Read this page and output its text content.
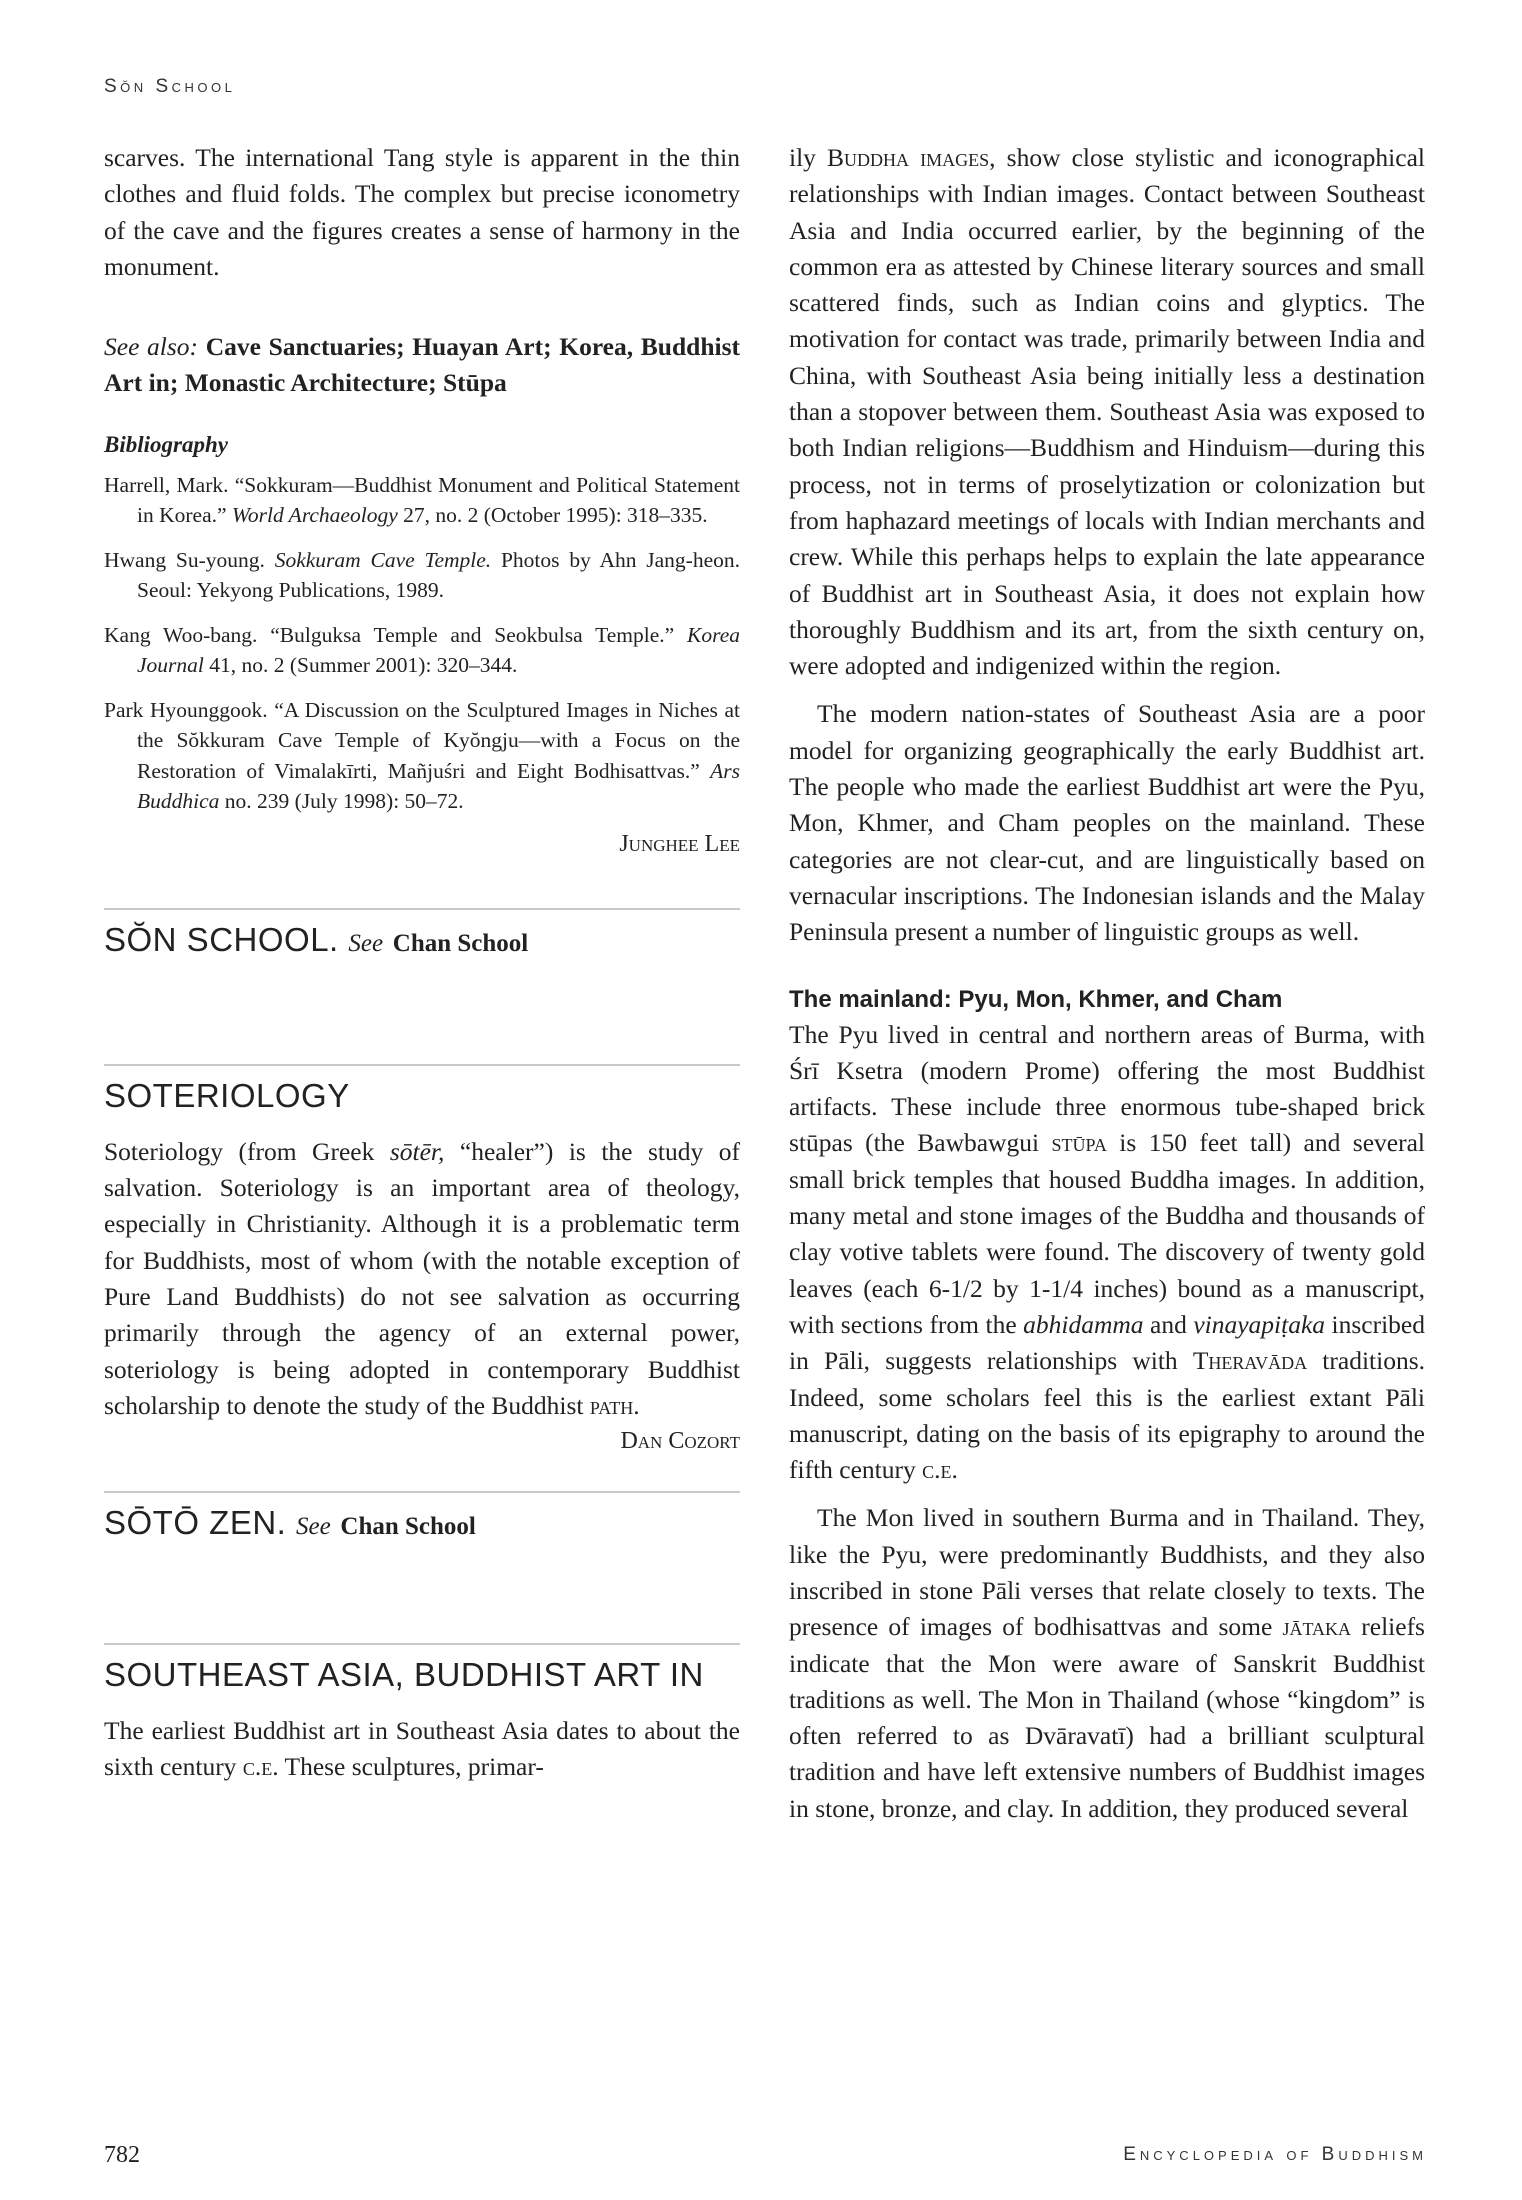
Sŏn School

scarves. The international Tang style is apparent in the thin clothes and fluid folds. The complex but precise iconometry of the cave and the figures creates a sense of harmony in the monument.

See also: Cave Sanctuaries; Huayan Art; Korea, Buddhist Art in; Monastic Architecture; Stūpa

Bibliography
Harrell, Mark. “Sokkuram—Buddhist Monument and Political Statement in Korea.” World Archaeology 27, no. 2 (October 1995): 318–335.
Hwang Su-young. Sokkuram Cave Temple. Photos by Ahn Jang-heon. Seoul: Yekyong Publications, 1989.
Kang Woo-bang. “Bulguksa Temple and Seokbulsa Temple.” Korea Journal 41, no. 2 (Summer 2001): 320–344.
Park Hyounggook. “A Discussion on the Sculptured Images in Niches at the Sŏkkuram Cave Temple of Kyŏngju—with a Focus on the Restoration of Vimalakīrti, Mañjuśri and Eight Bodhisattvas.” Ars Buddhica no. 239 (July 1998): 50–72.
Junghee Lee
SŎN SCHOOL. See Chan School
SOTERIOLOGY

Soteriology (from Greek sōtēr, “healer”) is the study of salvation. Soteriology is an important area of theology, especially in Christianity. Although it is a problematic term for Buddhists, most of whom (with the notable exception of Pure Land Buddhists) do not see salvation as occurring primarily through the agency of an external power, soteriology is being adopted in contemporary Buddhist scholarship to denote the study of the Buddhist path.

Dan Cozort
SŌTŌ ZEN. See Chan School
SOUTHEAST ASIA, BUDDHIST ART IN

The earliest Buddhist art in Southeast Asia dates to about the sixth century c.e. These sculptures, primar-

ily Buddha images, show close stylistic and iconographical relationships with Indian images. Contact between Southeast Asia and India occurred earlier, by the beginning of the common era as attested by Chinese literary sources and small scattered finds, such as Indian coins and glyptics. The motivation for contact was trade, primarily between India and China, with Southeast Asia being initially less a destination than a stopover between them. Southeast Asia was exposed to both Indian religions—Buddhism and Hinduism—during this process, not in terms of proselytization or colonization but from haphazard meetings of locals with Indian merchants and crew. While this perhaps helps to explain the late appearance of Buddhist art in Southeast Asia, it does not explain how thoroughly Buddhism and its art, from the sixth century on, were adopted and indigenized within the region.

The modern nation-states of Southeast Asia are a poor model for organizing geographically the early Buddhist art. The people who made the earliest Buddhist art were the Pyu, Mon, Khmer, and Cham peoples on the mainland. These categories are not clear-cut, and are linguistically based on vernacular inscriptions. The Indonesian islands and the Malay Peninsula present a number of linguistic groups as well.

The mainland: Pyu, Mon, Khmer, and Cham

The Pyu lived in central and northern areas of Burma, with Śrī Ksetra (modern Prome) offering the most Buddhist artifacts. These include three enormous tube-shaped brick stūpas (the Bawbawgui stūpa is 150 feet tall) and several small brick temples that housed Buddha images. In addition, many metal and stone images of the Buddha and thousands of clay votive tablets were found. The discovery of twenty gold leaves (each 6-1/2 by 1-1/4 inches) bound as a manuscript, with sections from the abhidamma and vinayapiṭaka inscribed in Pāli, suggests relationships with Theravāda traditions. Indeed, some scholars feel this is the earliest extant Pāli manuscript, dating on the basis of its epigraphy to around the fifth century c.e.

The Mon lived in southern Burma and in Thailand. They, like the Pyu, were predominantly Buddhists, and they also inscribed in stone Pāli verses that relate closely to texts. The presence of images of bodhisattvas and some jātaka reliefs indicate that the Mon were aware of Sanskrit Buddhist traditions as well. The Mon in Thailand (whose “kingdom” is often referred to as Dvāravatī) had a brilliant sculptural tradition and have left extensive numbers of Buddhist images in stone, bronze, and clay. In addition, they produced several

782	Encyclopedia of Buddhism
